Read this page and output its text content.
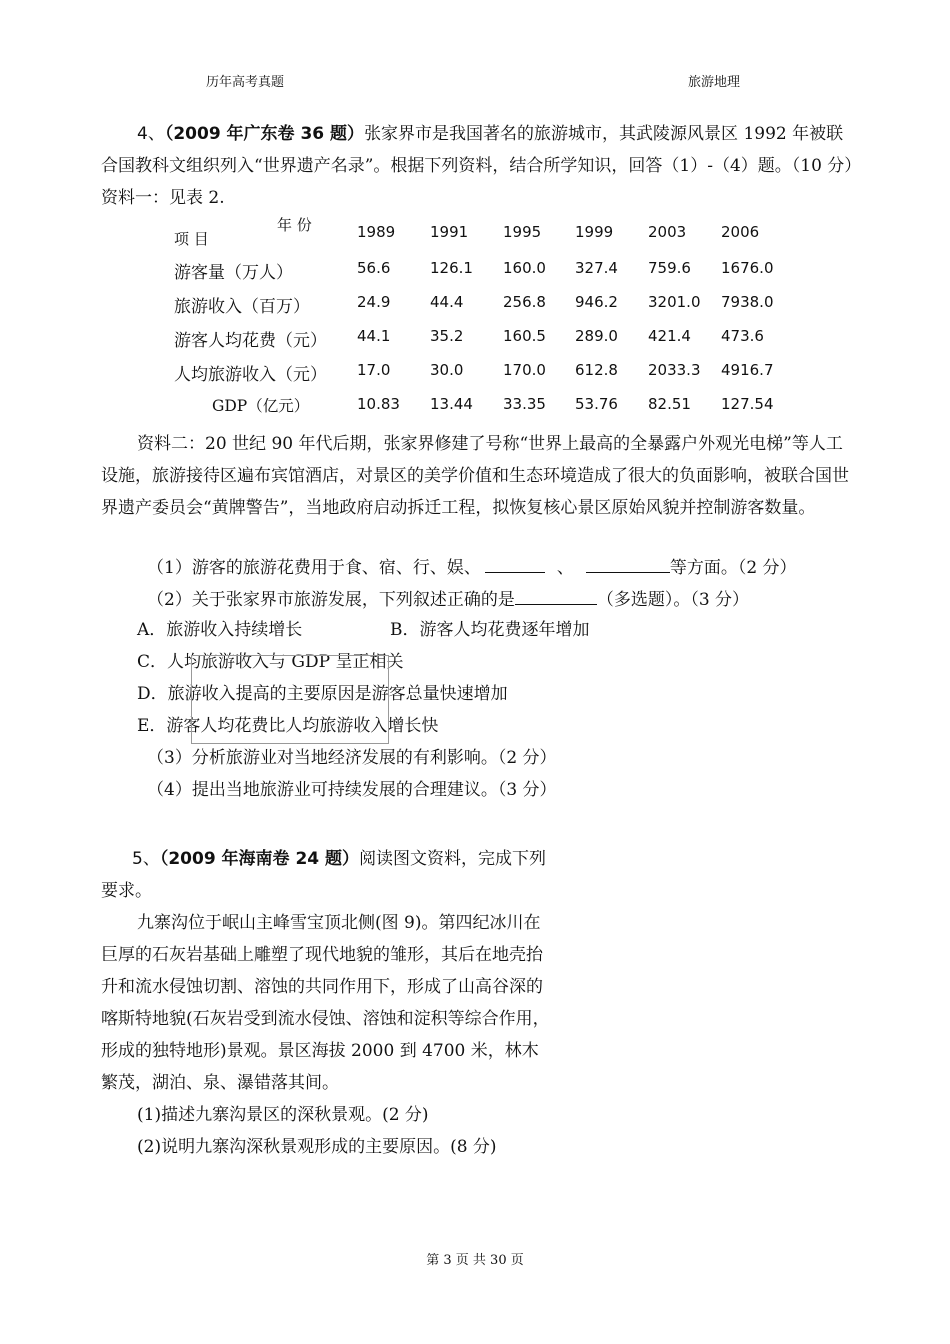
历年高考真题	旅游地理

4、（2009 年广东卷 36 题）张家界市是我国著名的旅游城市，其武陵源风景区 1992 年被联合国教科文组织列入“世界遗产名录”。根据下列资料，结合所学知识，回答（1）-（4）题。（10 分）资料一：见表 2.

年 份
项 目	1989 1991 1995 1999 2003 2006
游客量（万人）	56.6	126.1 160.0 327.4 759.6 1676.0
旅游收入（百万）	24.9	44.4	256.8 946.2 3201.0 7938.0
游客人均花费（元） 44.1	35.2	160.5 289.0 421.4 473.6
人均旅游收入（元） 17.0	30.0	170.0 612.8 2033.3 4916.7
GDP（亿元）	10.83 13.44 33.35 53.76 82.51 127.54

资料二：20 世纪 90 年代后期，张家界修建了号称“世界上最高的全暴露户外观光电梯”等人工设施，旅游接待区遍布宾馆酒店，对景区的美学价值和生态环境造成了很大的负面影响，被联合国世界遗产委员会“黄牌警告”，当地政府启动拆迁工程，拟恢复核心景区原始风貌并控制游客数量。

（1）游客的旅游花费用于食、宿、行、娱、	、	等方面。（2 分）
（2）关于张家界市旅游发展，下列叙述正确的是	（多选题）。（3 分）
A．旅游收入持续增长	B．游客人均花费逐年增加
C．人均旅游收入与 GDP 呈正相关
D．旅游收入提高的主要原因是游客总量快速增加
E．游客人均花费比人均旅游收入增长快
（3）分析旅游业对当地经济发展的有利影响。（2 分）
（4）提出当地旅游业可持续发展的合理建议。（3 分）

5、（2009 年海南卷 24 题）阅读图文资料，完成下列要求。

九寨沟位于岷山主峰雪宝顶北侧(图 9)。第四纪冰川在巨厚的石灰岩基础上雕塑了现代地貌的雏形，其后在地壳抬升和流水侵蚀切割、溶蚀的共同作用下，形成了山高谷深的喀斯特地貌(石灰岩受到流水侵蚀、溶蚀和淀积等综合作用，形成的独特地形)景观。景区海拔 2000 到 4700 米，林木繁茂，湖泊、泉、瀑错落其间。

(1)描述九寨沟景区的深秋景观。(2 分)

(2)说明九寨沟深秋景观形成的主要原因。(8 分)

第 3 页 共 30 页
